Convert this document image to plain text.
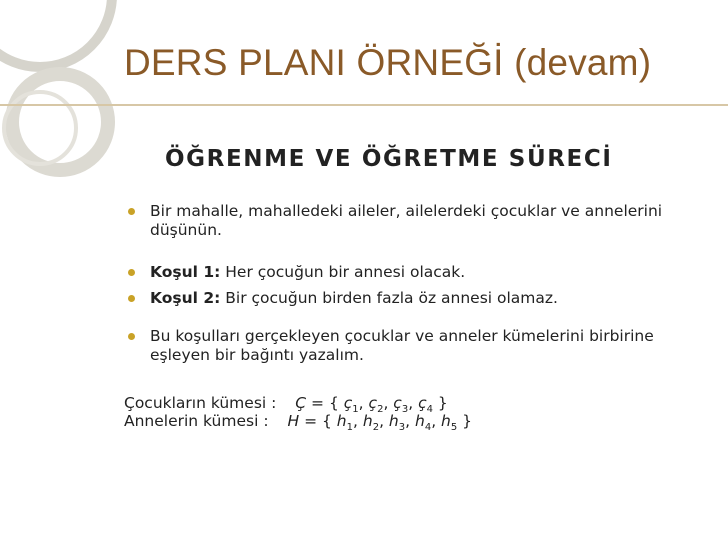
DERS PLANI ÖRNEĞİ (devam)
ÖĞRENME VE ÖĞRETME SÜRECİ
Bir mahalle, mahalledeki aileler, ailelerdeki çocuklar ve annelerini düşünün.
Koşul 1: Her çocuğun bir annesi olacak.
Koşul 2: Bir çocuğun birden fazla öz annesi olamaz.
Bu koşulları gerçekleyen çocuklar ve anneler kümelerini birbirine eşleyen bir bağıntı yazalım.
Çocukların kümesi : Ç = { $ç_1$, $ç_2$, $ç_3$, $ç_4$ }
Annelerin kümesi : H = { $h_1$, $h_2$, $h_3$, $h_4$, $h_5$ }
